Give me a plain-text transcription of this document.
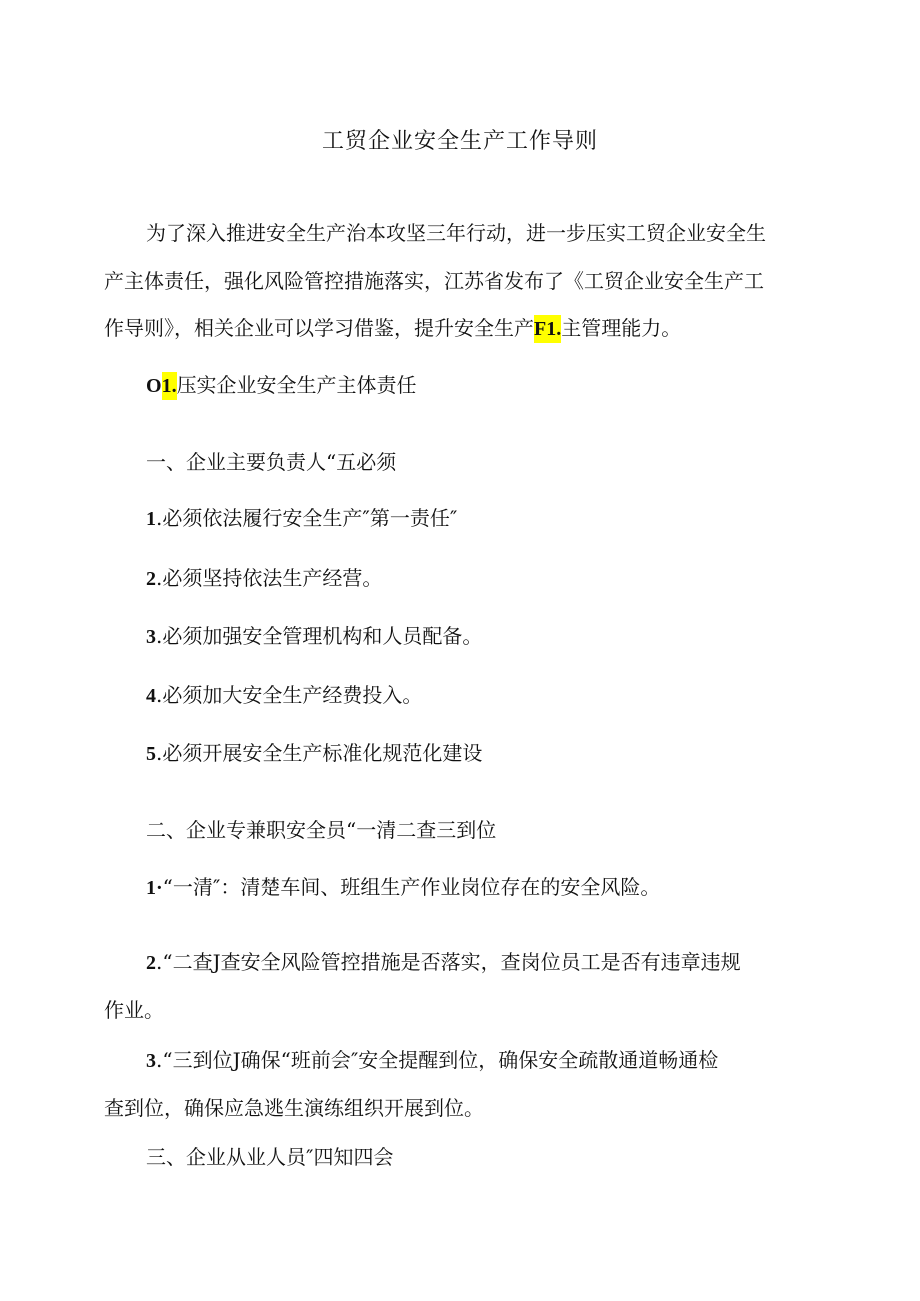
工贸企业安全生产工作导则
为了深入推进安全生产治本攻坚三年行动，进一步压实工贸企业安全生
产主体责任，强化风险管控措施落实，江苏省发布了《工贸企业安全生产工
作导则》，相关企业可以学习借鉴，提升安全生产F1.主管理能力。
O1.压实企业安全生产主体责任
一、企业主要负责人“五必须
1.必须依法履行安全生产″第一责任″
2.必须坚持依法生产经营。
3.必须加强安全管理机构和人员配备。
4.必须加大安全生产经费投入。
5.必须开展安全生产标准化规范化建设
二、企业专兼职安全员“一清二查三到位
1·“一清″：清楚车间、班组生产作业岗位存在的安全风险。
2.“二查J查安全风险管控措施是否落实，查岗位员工是否有违章违规
作业。
3.“三到位J确保“班前会″安全提醒到位，确保安全疏散通道畅通检
查到位，确保应急逃生演练组织开展到位。
三、企业从业人员″四知四会
